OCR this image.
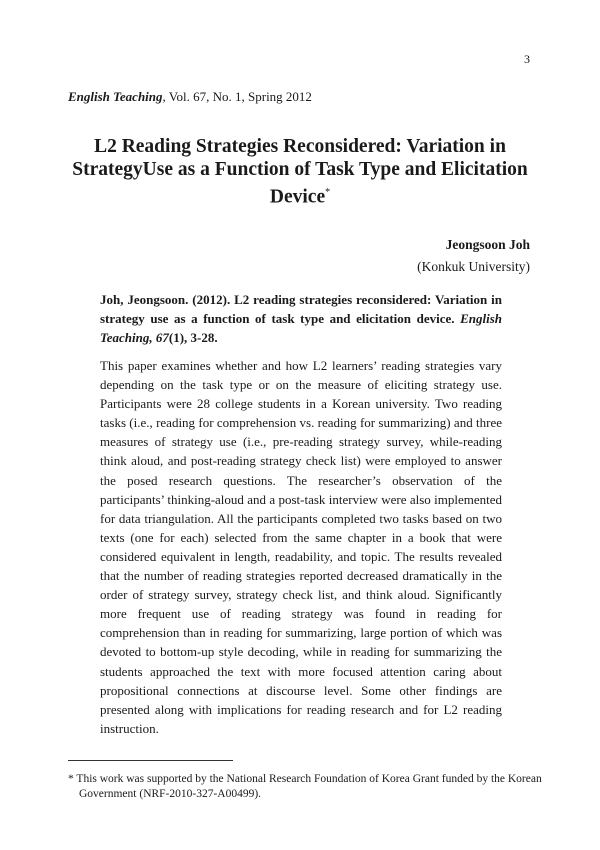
3
English Teaching, Vol. 67, No. 1, Spring 2012
L2 Reading Strategies Reconsidered: Variation in StrategyUse as a Function of Task Type and Elicitation Device*
Jeongsoon Joh
(Konkuk University)
Joh, Jeongsoon. (2012). L2 reading strategies reconsidered: Variation in strategy use as a function of task type and elicitation device. English Teaching, 67(1), 3-28.
This paper examines whether and how L2 learners’ reading strategies vary depending on the task type or on the measure of eliciting strategy use. Participants were 28 college students in a Korean university. Two reading tasks (i.e., reading for comprehension vs. reading for summarizing) and three measures of strategy use (i.e., pre-reading strategy survey, while-reading think aloud, and post-reading strategy check list) were employed to answer the posed research questions. The researcher’s observation of the participants’ thinking-aloud and a post-task interview were also implemented for data triangulation. All the participants completed two tasks based on two texts (one for each) selected from the same chapter in a book that were considered equivalent in length, readability, and topic. The results revealed that the number of reading strategies reported decreased dramatically in the order of strategy survey, strategy check list, and think aloud. Significantly more frequent use of reading strategy was found in reading for comprehension than in reading for summarizing, large portion of which was devoted to bottom-up style decoding, while in reading for summarizing the students approached the text with more focused attention caring about propositional connections at discourse level. Some other findings are presented along with implications for reading research and for L2 reading instruction.
* This work was supported by the National Research Foundation of Korea Grant funded by the Korean Government (NRF-2010-327-A00499).
